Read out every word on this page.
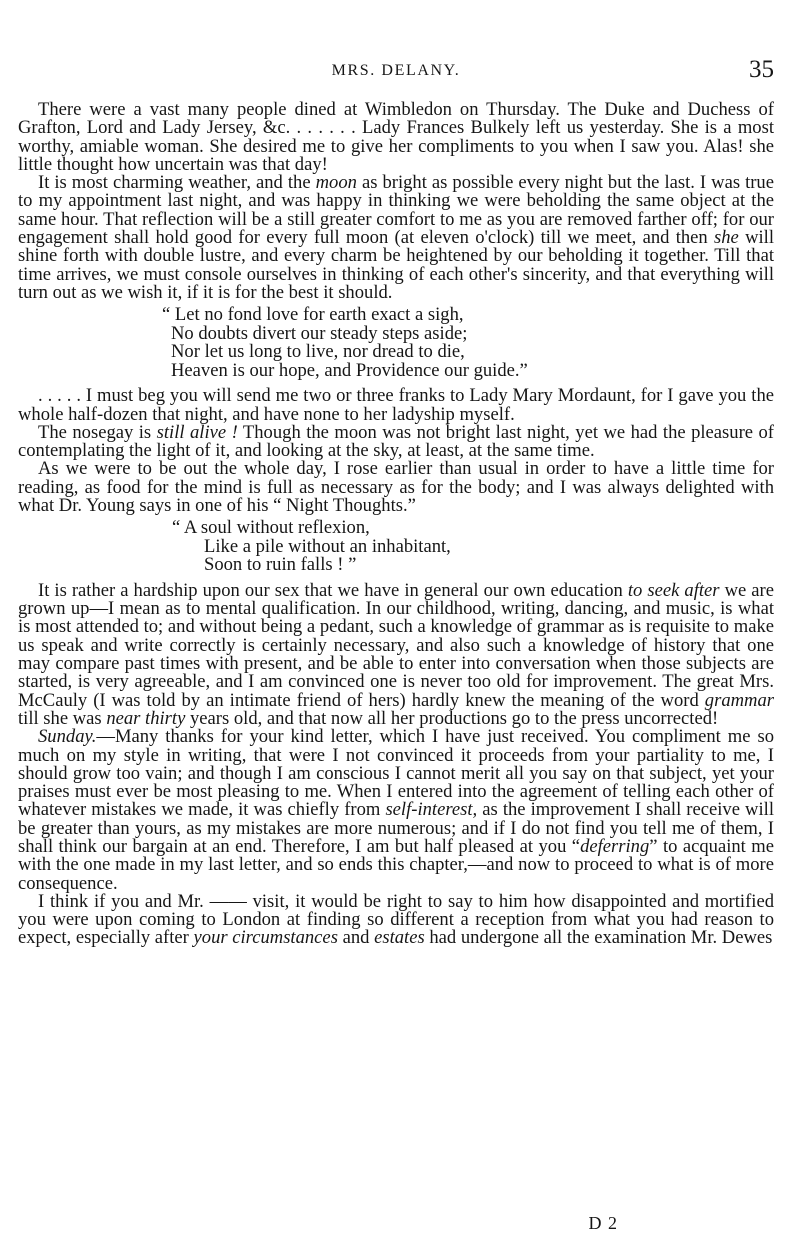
MRS. DELANY.	35

There were a vast many people dined at Wimbledon on Thursday. The Duke and Duchess of Grafton, Lord and Lady Jersey, &c. . . . . . . Lady Frances Bulkely left us yesterday. She is a most worthy, amiable woman. She desired me to give her compliments to you when I saw you. Alas! she little thought how uncertain was that day!

It is most charming weather, and the moon as bright as possible every night but the last. I was true to my appointment last night, and was happy in thinking we were beholding the same object at the same hour. That reflection will be a still greater comfort to me as you are removed farther off; for our engagement shall hold good for every full moon (at eleven o'clock) till we meet, and then she will shine forth with double lustre, and every charm be heightened by our beholding it together. Till that time arrives, we must console ourselves in thinking of each other's sincerity, and that everything will turn out as we wish it, if it is for the best it should.

“ Let no fond love for earth exact a sigh,
No doubts divert our steady steps aside;
Nor let us long to live, nor dread to die,
Heaven is our hope, and Providence our guide.”

. . . . . I must beg you will send me two or three franks to Lady Mary Mordaunt, for I gave you the whole half-dozen that night, and have none to her ladyship myself.

The nosegay is still alive ! Though the moon was not bright last night, yet we had the pleasure of contemplating the light of it, and looking at the sky, at least, at the same time.

As we were to be out the whole day, I rose earlier than usual in order to have a little time for reading, as food for the mind is full as necessary as for the body; and I was always delighted with what Dr. Young says in one of his “ Night Thoughts.”

“ A soul without reflexion,
Like a pile without an inhabitant,
Soon to ruin falls ! ”

It is rather a hardship upon our sex that we have in general our own education to seek after we are grown up—I mean as to mental qualification. In our childhood, writing, dancing, and music, is what is most attended to; and without being a pedant, such a knowledge of grammar as is requisite to make us speak and write correctly is certainly necessary, and also such a knowledge of history that one may compare past times with present, and be able to enter into conversation when those subjects are started, is very agreeable, and I am convinced one is never too old for improvement. The great Mrs. McCauly (I was told by an intimate friend of hers) hardly knew the meaning of the word grammar till she was near thirty years old, and that now all her productions go to the press uncorrected!

Sunday.—Many thanks for your kind letter, which I have just received. You compliment me so much on my style in writing, that were I not convinced it proceeds from your partiality to me, I should grow too vain; and though I am conscious I cannot merit all you say on that subject, yet your praises must ever be most pleasing to me. When I entered into the agreement of telling each other of whatever mistakes we made, it was chiefly from self-interest, as the improvement I shall receive will be greater than yours, as my mistakes are more numerous; and if I do not find you tell me of them, I shall think our bargain at an end. Therefore, I am but half pleased at you “deferring” to acquaint me with the one made in my last letter, and so ends this chapter,—and now to proceed to what is of more consequence.

I think if you and Mr. —— visit, it would be right to say to him how disappointed and mortified you were upon coming to London at finding so different a reception from what you had reason to expect, especially after your circumstances and estates had undergone all the examination Mr. Dewes

D 2
